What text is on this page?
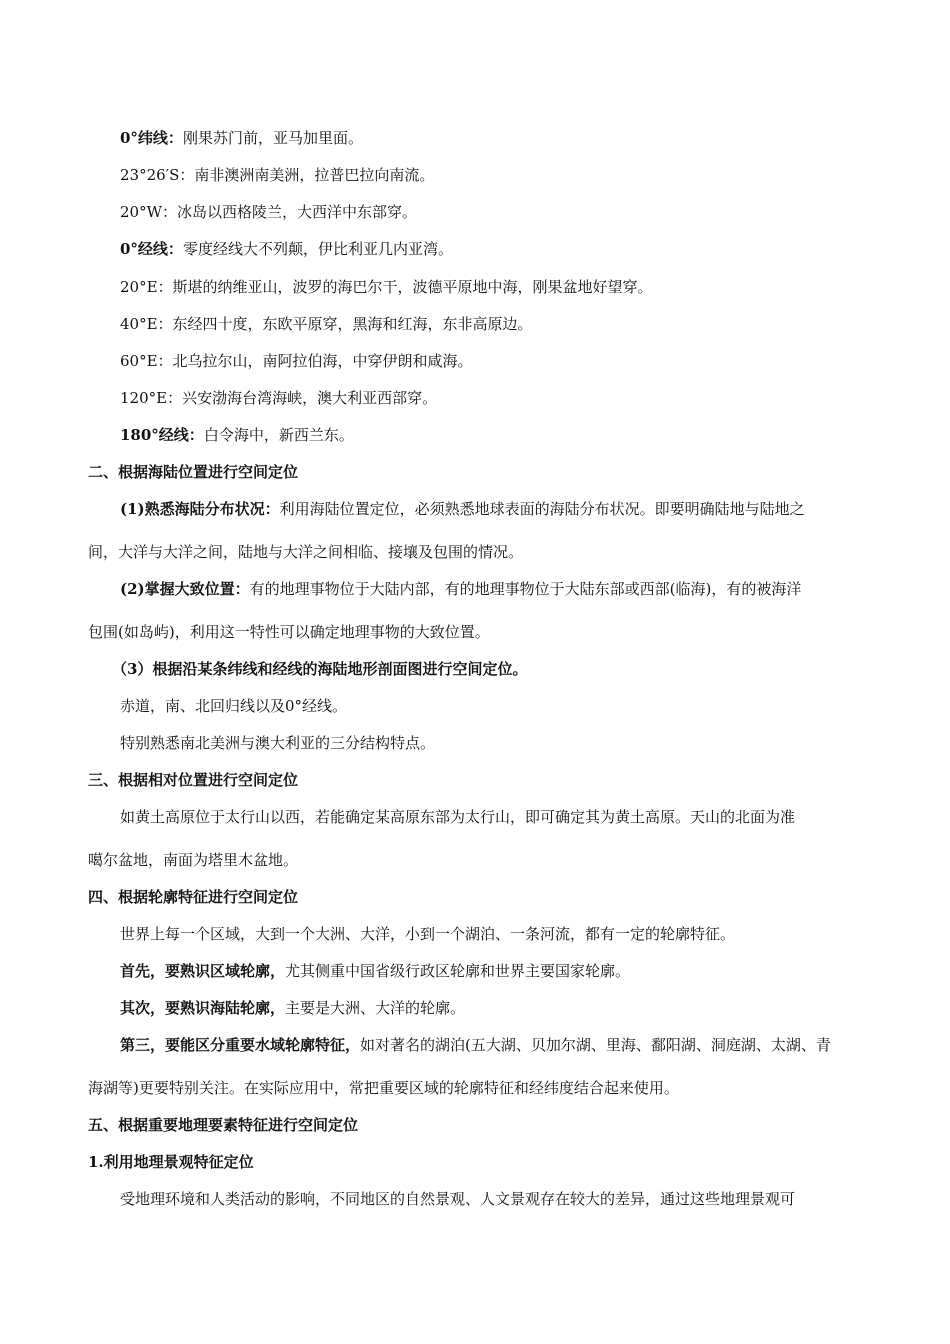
0°纬线：刚果苏门前，亚马加里面。
23°26′S：南非澳洲南美洲，拉普巴拉向南流。
20°W：冰岛以西格陵兰，大西洋中东部穿。
0°经线：零度经线大不列颠，伊比利亚几内亚湾。
20°E：斯堪的纳维亚山，波罗的海巴尔干，波德平原地中海，刚果盆地好望穿。
40°E：东经四十度，东欧平原穿，黑海和红海，东非高原边。
60°E：北乌拉尔山，南阿拉伯海，中穿伊朗和咸海。
120°E：兴安渤海台湾海峡，澳大利亚西部穿。
180°经线：白令海中，新西兰东。
二、根据海陆位置进行空间定位
(1)熟悉海陆分布状况：利用海陆位置定位，必须熟悉地球表面的海陆分布状况。即要明确陆地与陆地之
间，大洋与大洋之间，陆地与大洋之间相临、接壤及包围的情况。
(2)掌握大致位置：有的地理事物位于大陆内部，有的地理事物位于大陆东部或西部(临海)，有的被海洋
包围(如岛屿)，利用这一特性可以确定地理事物的大致位置。
（3）根据沿某条纬线和经线的海陆地形剖面图进行空间定位。
赤道，南、北回归线以及0°经线。
特别熟悉南北美洲与澳大利亚的三分结构特点。
三、根据相对位置进行空间定位
如黄土高原位于太行山以西，若能确定某高原东部为太行山，即可确定其为黄土高原。天山的北面为准
噶尔盆地，南面为塔里木盆地。
四、根据轮廓特征进行空间定位
世界上每一个区域，大到一个大洲、大洋，小到一个湖泊、一条河流，都有一定的轮廓特征。
首先，要熟识区域轮廓，尤其侧重中国省级行政区轮廓和世界主要国家轮廓。
其次，要熟识海陆轮廓，主要是大洲、大洋的轮廓。
第三，要能区分重要水域轮廓特征，如对著名的湖泊(五大湖、贝加尔湖、里海、鄱阳湖、洞庭湖、太湖、青
海湖等)更要特别关注。在实际应用中，常把重要区域的轮廓特征和经纬度结合起来使用。
五、根据重要地理要素特征进行空间定位
1.利用地理景观特征定位
受地理环境和人类活动的影响，不同地区的自然景观、人文景观存在较大的差异，通过这些地理景观可
